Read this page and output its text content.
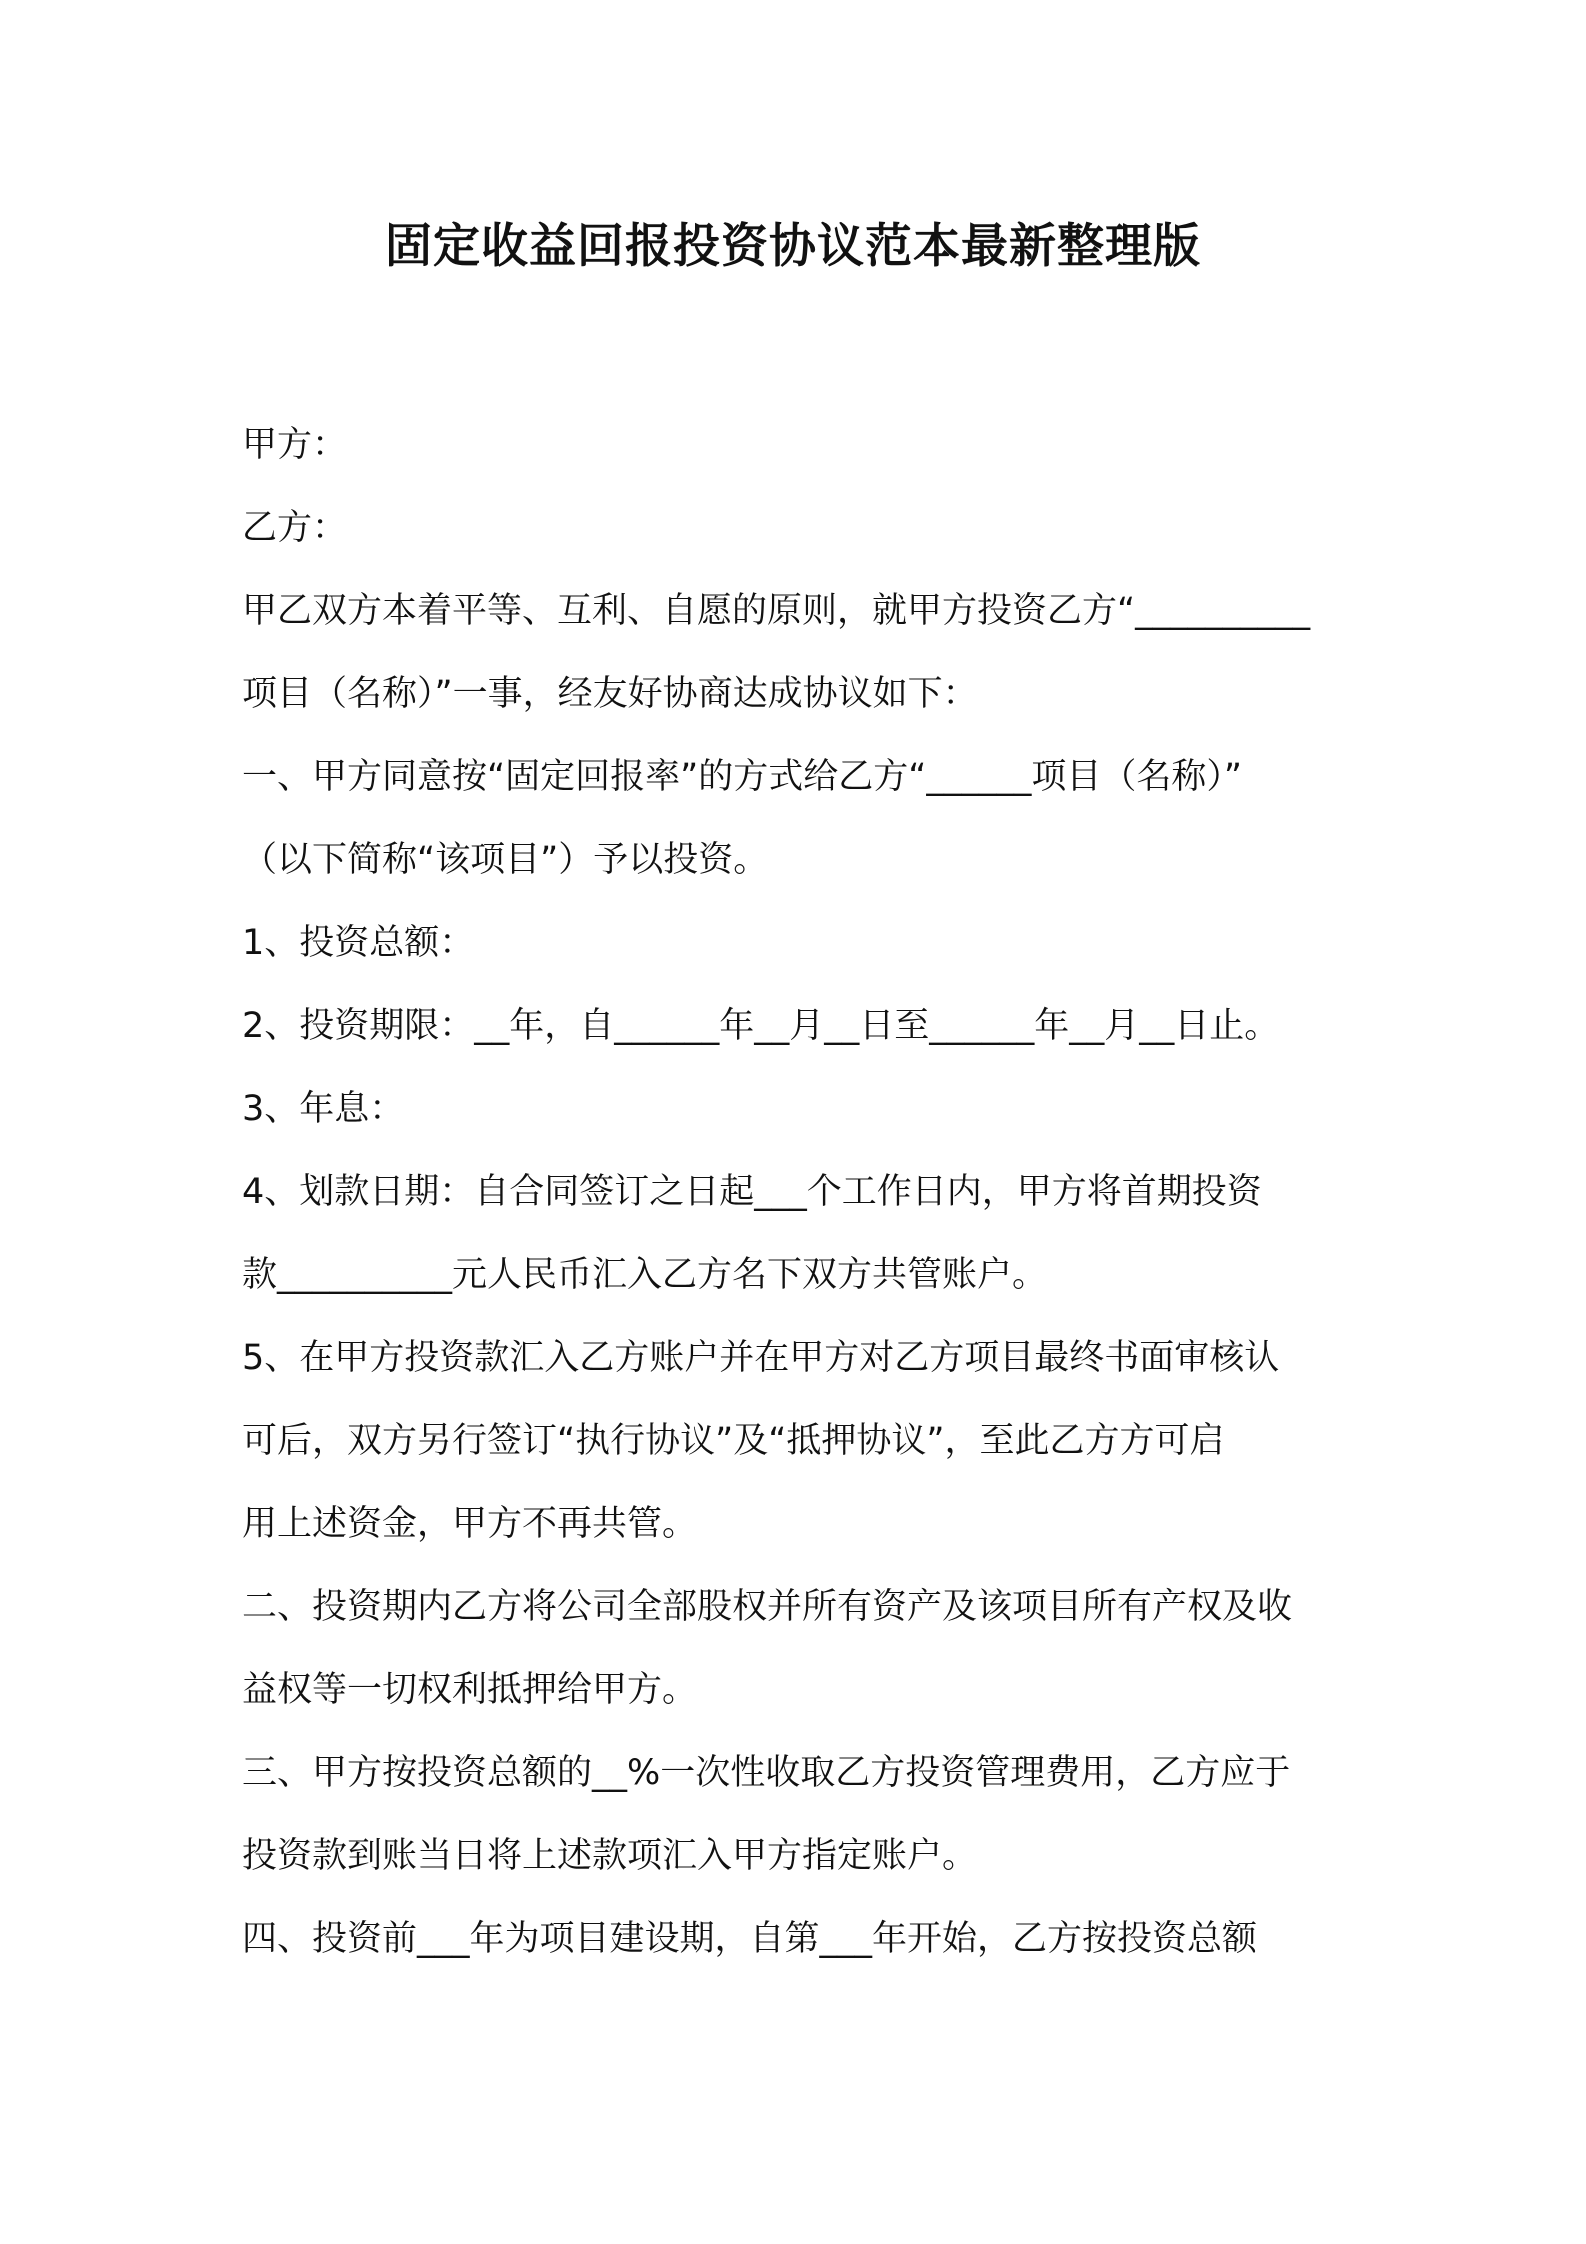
固定收益回报投资协议范本最新整理版
甲方：
乙方：
甲乙双方本着平等、互利、自愿的原则，就甲方投资乙方“__________
项目（名称）”一事，经友好协商达成协议如下：
一、甲方同意按“固定回报率”的方式给乙方“______项目（名称）”
（以下简称“该项目”）予以投资。
1、投资总额：
2、投资期限：__年，自______年__月__日至______年__月__日止。
3、年息：
4、划款日期：自合同签订之日起___个工作日内，甲方将首期投资
款__________元人民币汇入乙方名下双方共管账户。
5、在甲方投资款汇入乙方账户并在甲方对乙方项目最终书面审核认
可后，双方另行签订“执行协议”及“抵押协议”，至此乙方方可启
用上述资金，甲方不再共管。
二、投资期内乙方将公司全部股权并所有资产及该项目所有产权及收
益权等一切权利抵押给甲方。
三、甲方按投资总额的__%一次性收取乙方投资管理费用，乙方应于
投资款到账当日将上述款项汇入甲方指定账户。
四、投资前___年为项目建设期，自第___年开始，乙方按投资总额
